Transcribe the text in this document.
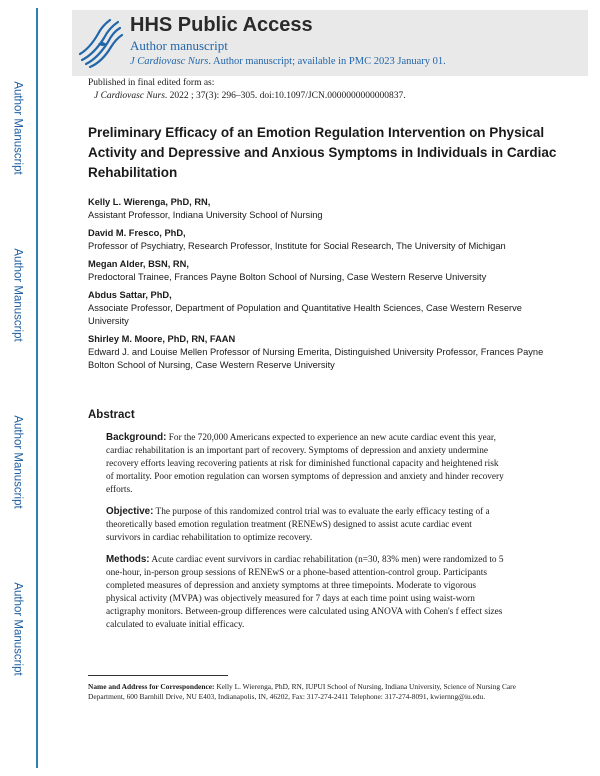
Author Manuscript
Author Manuscript
Author Manuscript
Author Manuscript
HHS Public Access
Author manuscript
J Cardiovasc Nurs. Author manuscript; available in PMC 2023 January 01.
Published in final edited form as:
J Cardiovasc Nurs. 2022 ; 37(3): 296–305. doi:10.1097/JCN.0000000000000837.
Preliminary Efficacy of an Emotion Regulation Intervention on Physical Activity and Depressive and Anxious Symptoms in Individuals in Cardiac Rehabilitation
Kelly L. Wierenga, PhD, RN,
Assistant Professor, Indiana University School of Nursing
David M. Fresco, PhD,
Professor of Psychiatry, Research Professor, Institute for Social Research, The University of Michigan
Megan Alder, BSN, RN,
Predoctoral Trainee, Frances Payne Bolton School of Nursing, Case Western Reserve University
Abdus Sattar, PhD,
Associate Professor, Department of Population and Quantitative Health Sciences, Case Western Reserve University
Shirley M. Moore, PhD, RN, FAAN
Edward J. and Louise Mellen Professor of Nursing Emerita, Distinguished University Professor, Frances Payne Bolton School of Nursing, Case Western Reserve University
Abstract

Background: For the 720,000 Americans expected to experience an new acute cardiac event this year, cardiac rehabilitation is an important part of recovery. Symptoms of depression and anxiety undermine recovery efforts leaving recovering patients at risk for diminished functional capacity and heightened risk of mortality. Poor emotion regulation can worsen symptoms of depression and anxiety and hinder recovery efforts.

Objective: The purpose of this randomized control trial was to evaluate the early efficacy testing of a theoretically based emotion regulation treatment (RENEwS) designed to assist acute cardiac event survivors in cardiac rehabilitation to optimize recovery.

Methods: Acute cardiac event survivors in cardiac rehabilitation (n=30, 83% men) were randomized to 5 one-hour, in-person group sessions of RENEwS or a phone-based attention-control group. Participants completed measures of depression and anxiety symptoms at three timepoints. Moderate to vigorous physical activity (MVPA) was objectively measured for 7 days at each time point using waist-worn actigraphy monitors. Between-group differences were calculated using ANOVA with Cohen's f effect sizes calculated to evaluate initial efficacy.

Name and Address for Correspondence: Kelly L. Wierenga, PhD, RN, IUPUI School of Nursing, Indiana University, Science of Nursing Care Department, 600 Barnhill Drive, NU E403, Indianapolis, IN, 46202, Fax: 317-274-2411 Telephone: 317-274-8091, kwiernng@iu.edu.
